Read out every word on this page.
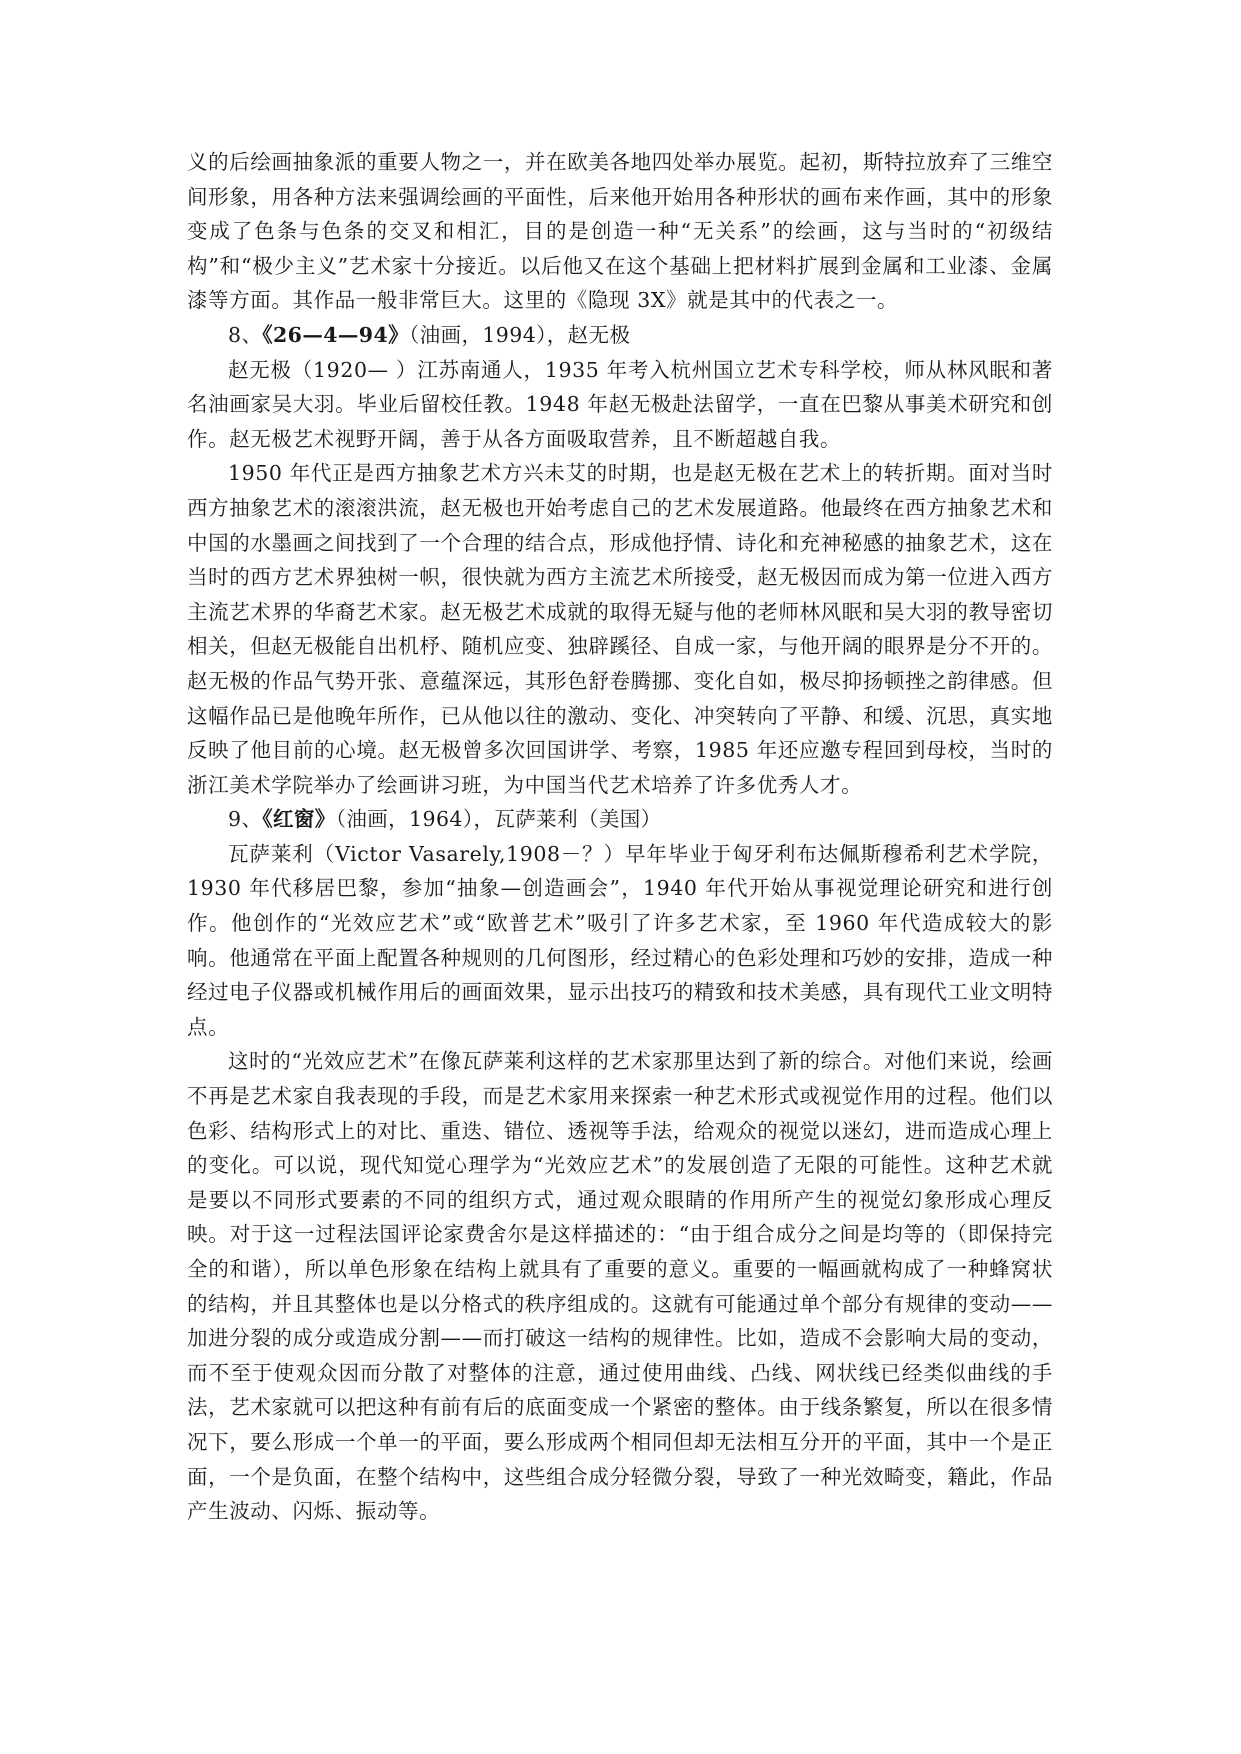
义的后绘画抽象派的重要人物之一，并在欧美各地四处举办展览。起初，斯特拉放弃了三维空间形象，用各种方法来强调绘画的平面性，后来他开始用各种形状的画布来作画，其中的形象变成了色条与色条的交叉和相汇，目的是创造一种“无关系”的绘画，这与当时的“初级结构”和“极少主义”艺术家十分接近。以后他又在这个基础上把材料扩展到金属和工业漆、金属漆等方面。其作品一般非常巨大。这里的《隐现 3X》就是其中的代表之一。

8、《26—4—94》（油画，1994），赵无极

赵无极（1920— ）江苏南通人，1935 年考入杭州国立艺术专科学校，师从林风眠和著名油画家吴大羽。毕业后留校任教。1948 年赵无极赴法留学，一直在巴黎从事美术研究和创作。赵无极艺术视野开阔，善于从各方面吸取营养，且不断超越自我。

1950 年代正是西方抽象艺术方兴未艾的时期，也是赵无极在艺术上的转折期。面对当时西方抽象艺术的滚滚洪流，赵无极也开始考虑自己的艺术发展道路。他最终在西方抽象艺术和中国的水墨画之间找到了一个合理的结合点，形成他抒情、诗化和充神秘感的抽象艺术，这在当时的西方艺术界独树一帜，很快就为西方主流艺术所接受，赵无极因而成为第一位进入西方主流艺术界的华裔艺术家。赵无极艺术成就的取得无疑与他的老师林风眠和吴大羽的教导密切相关，但赵无极能自出机杼、随机应变、独辟蹊径、自成一家，与他开阔的眼界是分不开的。赵无极的作品气势开张、意蕴深远，其形色舒卷腾挪、变化自如，极尽抑扬顿挫之韵律感。但这幅作品已是他晚年所作，已从他以往的激动、变化、冲突转向了平静、和缓、沉思，真实地反映了他目前的心境。赵无极曾多次回国讲学、考察，1985 年还应邀专程回到母校，当时的浙江美术学院举办了绘画讲习班，为中国当代艺术培养了许多优秀人才。

9、《红窗》（油画，1964），瓦萨莱利（美国）

瓦萨莱利（Victor Vasarely,1908－？）早年毕业于匈牙利布达佩斯穆希利艺术学院，1930 年代移居巴黎，参加“抽象—创造画会”，1940 年代开始从事视觉理论研究和进行创作。他创作的“光效应艺术”或“欧普艺术”吸引了许多艺术家，至 1960 年代造成较大的影响。他通常在平面上配置各种规则的几何图形，经过精心的色彩处理和巧妙的安排，造成一种经过电子仪器或机械作用后的画面效果，显示出技巧的精致和技术美感，具有现代工业文明特点。

这时的“光效应艺术”在像瓦萨莱利这样的艺术家那里达到了新的综合。对他们来说，绘画不再是艺术家自我表现的手段，而是艺术家用来探索一种艺术形式或视觉作用的过程。他们以色彩、结构形式上的对比、重迭、错位、透视等手法，给观众的视觉以迷幻，进而造成心理上的变化。可以说，现代知觉心理学为“光效应艺术”的发展创造了无限的可能性。这种艺术就是要以不同形式要素的不同的组织方式，通过观众眼睛的作用所产生的视觉幻象形成心理反映。对于这一过程法国评论家费舍尔是这样描述的：“由于组合成分之间是均等的（即保持完全的和谐），所以单色形象在结构上就具有了重要的意义。重要的一幅画就构成了一种蜂窝状的结构，并且其整体也是以分格式的秩序组成的。这就有可能通过单个部分有规律的变动——加进分裂的成分或造成分割——而打破这一结构的规律性。比如，造成不会影响大局的变动，而不至于使观众因而分散了对整体的注意，通过使用曲线、凸线、网状线已经类似曲线的手法，艺术家就可以把这种有前有后的底面变成一个紧密的整体。由于线条繁复，所以在很多情况下，要么形成一个单一的平面，要么形成两个相同但却无法相互分开的平面，其中一个是正面，一个是负面，在整个结构中，这些组合成分轻微分裂，导致了一种光效畸变，籍此，作品产生波动、闪烁、振动等。
